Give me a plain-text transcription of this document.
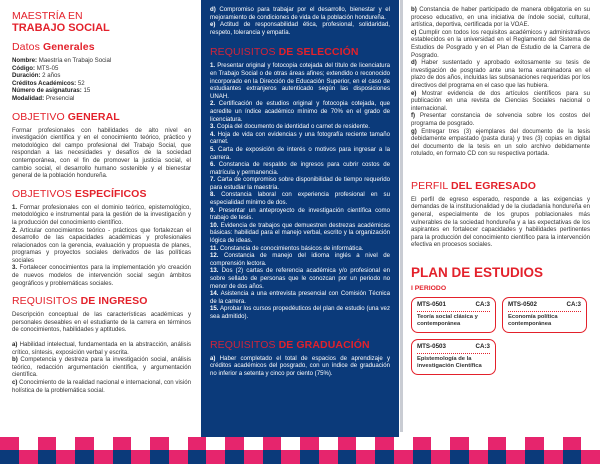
MAESTRÍA EN
TRABAJO SOCIAL
Datos Generales
Nombre: Maestría en Trabajo Social
Código: MTS-05
Duración: 2 años
Créditos Académicos: 52
Número de asignaturas: 15
Modalidad: Presencial
OBJETIVO GENERAL

Formar profesionales con habilidades de alto nivel en investigación científica y en el conocimiento teórico, práctico y metodológico del campo profesional del Trabajo Social, que respondan a las necesidades y desafíos de la sociedad contemporánea, con el fin de promover la justicia social, el cambio social, el desarrollo humano sostenible y el bienestar general de la población hondureña.

OBJETIVOS ESPECÍFICOS

1. Formar profesionales con el dominio teórico, epistemológico, metodológico e instrumental para la gestión de la investigación y la producción del conocimiento científico.

2. Articular conocimientos teórico - prácticos que fortalezcan el desarrollo de las capacidades académicas y profesionales relacionados con la gerencia, evaluación y propuesta de planes, programas y proyectos sociales derivados de las políticas sociales

3. Fortalecer conocimientos para la implementación y/o creación de nuevos modelos de intervención social según ámbitos geográficos y problemáticas sociales.

REQUISITOS DE INGRESO

Descripción conceptual de las características académicas y personales deseables en el estudiante de la carrera en términos de conocimientos, habilidades y aptitudes.

a) Habilidad intelectual, fundamentada en la abstracción, análisis crítico, síntesis, exposición verbal y escrita.

b) Competencia y destreza para la investigación social, análisis teórico, redacción argumentación científica, y argumentación científica.

c) Conocimiento de la realidad nacional e internacional, con visión holística de la problemática social.

d) Compromiso para trabajar por el desarrollo, bienestar y el mejoramiento de condiciones de vida de la población hondureña.

e) Actitud de responsabilidad ética, profesional, solidaridad, respeto, tolerancia y empatía.

REQUISITOS DE SELECCIÓN

1. Presentar original y fotocopia cotejada del título de licenciatura en Trabajo Social o de otras áreas afines; extendido o reconocido incorporado en la Dirección de Educación Superior, en el caso de estudiantes extranjeros autenticado según las disposiciones UNAH.

2. Certificación de estudios original y fotocopia cotejada, que acredite un índice académico mínimo de 70% en el grado de licenciatura.

3. Copia del documento de identidad o carnet de residente.

4. Hoja de vida con evidencias y una fotografía reciente tamaño carnet.

5. Carta de exposición de interés o motivos para ingresar a la carrera.

6. Constancia de respaldo de ingresos para cubrir costos de matrícula y permanencia.

7. Carta de compromiso sobre disponibilidad de tiempo requerido para estudiar la maestría.

8. Constancia laboral con experiencia profesional en su especialidad mínimo de dos.

9. Presentar un anteproyecto de investigación científica como trabajo de tesis.

10. Evidencia de trabajos que demuestren destrezas académicas básicas: habilidad para el manejo verbal, escrito y la organización lógica de ideas.

11. Constancia de conocimientos básicos de informática.

12. Constancia de manejo del idioma inglés a nivel de comprensión lectora.

13. Dos (2) cartas de referencia académica y/o profesional en sobre sellado de personas que le conozcan por un periodo no menor de dos años.

14. Asistencia a una entrevista presencial con Comisión Técnica de la carrera.

15. Aprobar los cursos propedéuticos del plan de estudio (una vez sea admitido).

REQUISITOS DE GRADUACIÓN

a) Haber completado el total de espacios de aprendizaje y créditos académicos del posgrado, con un índice de graduación no inferior a setenta y cinco por ciento (75%).

b) Constancia de haber participado de manera obligatoria en su proceso educativo, en una iniciativa de índole social, cultural, artística, deportiva, certificada por la VOAE.

c) Cumplir con todos los requisitos académicos y administrativos establecidos en la universidad en el Reglamento del Sistema de Estudios de Posgrado y en el Plan de Estudio de la Carrera de Posgrado.

d) Haber sustentado y aprobado exitosamente su tesis de investigación de posgrado ante una terna examinadora en el plazo de dos años, incluidas las subsanaciones requeridas por los directivos del programa en el caso que las hubiera.

e) Mostrar evidencia de dos artículos científicos para su publicación en una revista de Ciencias Sociales nacional o internacional.

f) Presentar constancia de solvencia sobre los costos del programa de posgrado.

g) Entregar tres (3) ejemplares del documento de la tesis debidamente empastado (pasta dura) y tres (3) copias en digital del documento de la tesis en un solo archivo debidamente rotulado, en formato CD con su respectiva portada.

PERFIL DEL EGRESADO

El perfil de egreso esperado, responde a las exigencias y demandas de la institucionalidad y de la ciudadanía hondureña en general, especialmente de los grupos poblacionales más vulnerables de la sociedad hondureña y a las expectativas de los aspirantes en fortalecer capacidades y habilidades pertinentes para la producción del conocimiento científico para la intervención efectiva en procesos sociales.

PLAN DE ESTUDIOS
I PERIODO
MTS-0501	CA:3
Teoría social clásica y contemporánea
MTS-0502	CA:3
Economía política contemporánea
MTS-0503	CA:3
Epistemología de la investigación Científica
